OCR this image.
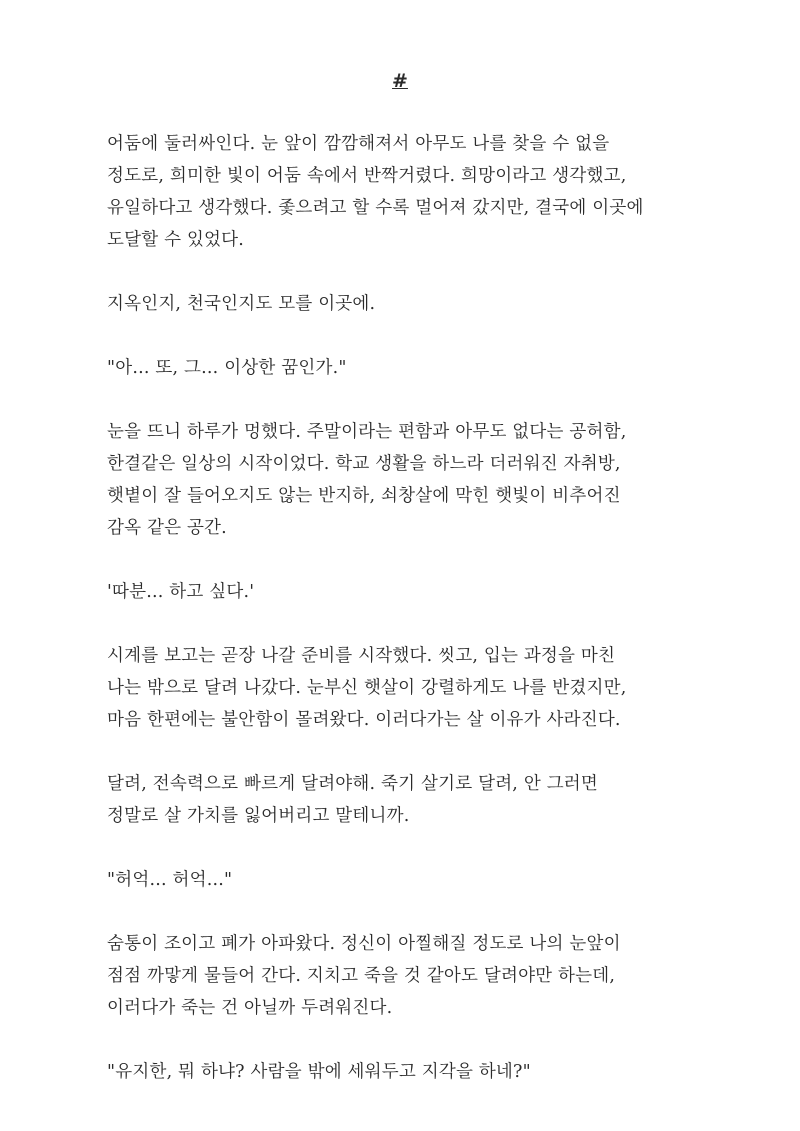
#

어둠에 둘러싸인다. 눈 앞이 깜깜해져서 아무도 나를 찾을 수 없을
정도로, 희미한 빛이 어둠 속에서 반짝거렸다. 희망이라고 생각했고,
유일하다고 생각했다. 좇으려고 할 수록 멀어져 갔지만, 결국에 이곳에
도달할 수 있었다.

지옥인지, 천국인지도 모를 이곳에.

"아... 또, 그... 이상한 꿈인가."

눈을 뜨니 하루가 멍했다. 주말이라는 편함과 아무도 없다는 공허함,
한결같은 일상의 시작이었다. 학교 생활을 하느라 더러워진 자취방,
햇볕이 잘 들어오지도 않는 반지하, 쇠창살에 막힌 햇빛이 비추어진
감옥 같은 공간.

'따분... 하고 싶다.'

시계를 보고는 곧장 나갈 준비를 시작했다. 씻고, 입는 과정을 마친
나는 밖으로 달려 나갔다. 눈부신 햇살이 강렬하게도 나를 반겼지만,
마음 한편에는 불안함이 몰려왔다. 이러다가는 살 이유가 사라진다.

달려, 전속력으로 빠르게 달려야해. 죽기 살기로 달려, 안 그러면
정말로 살 가치를 잃어버리고 말테니까.

"허억... 허억..."

숨통이 조이고 폐가 아파왔다. 정신이 아찔해질 정도로 나의 눈앞이
점점 까맣게 물들어 간다. 지치고 죽을 것 같아도 달려야만 하는데,
이러다가 죽는 건 아닐까 두려워진다.

"유지한, 뭐 하냐? 사람을 밖에 세워두고 지각을 하네?"
